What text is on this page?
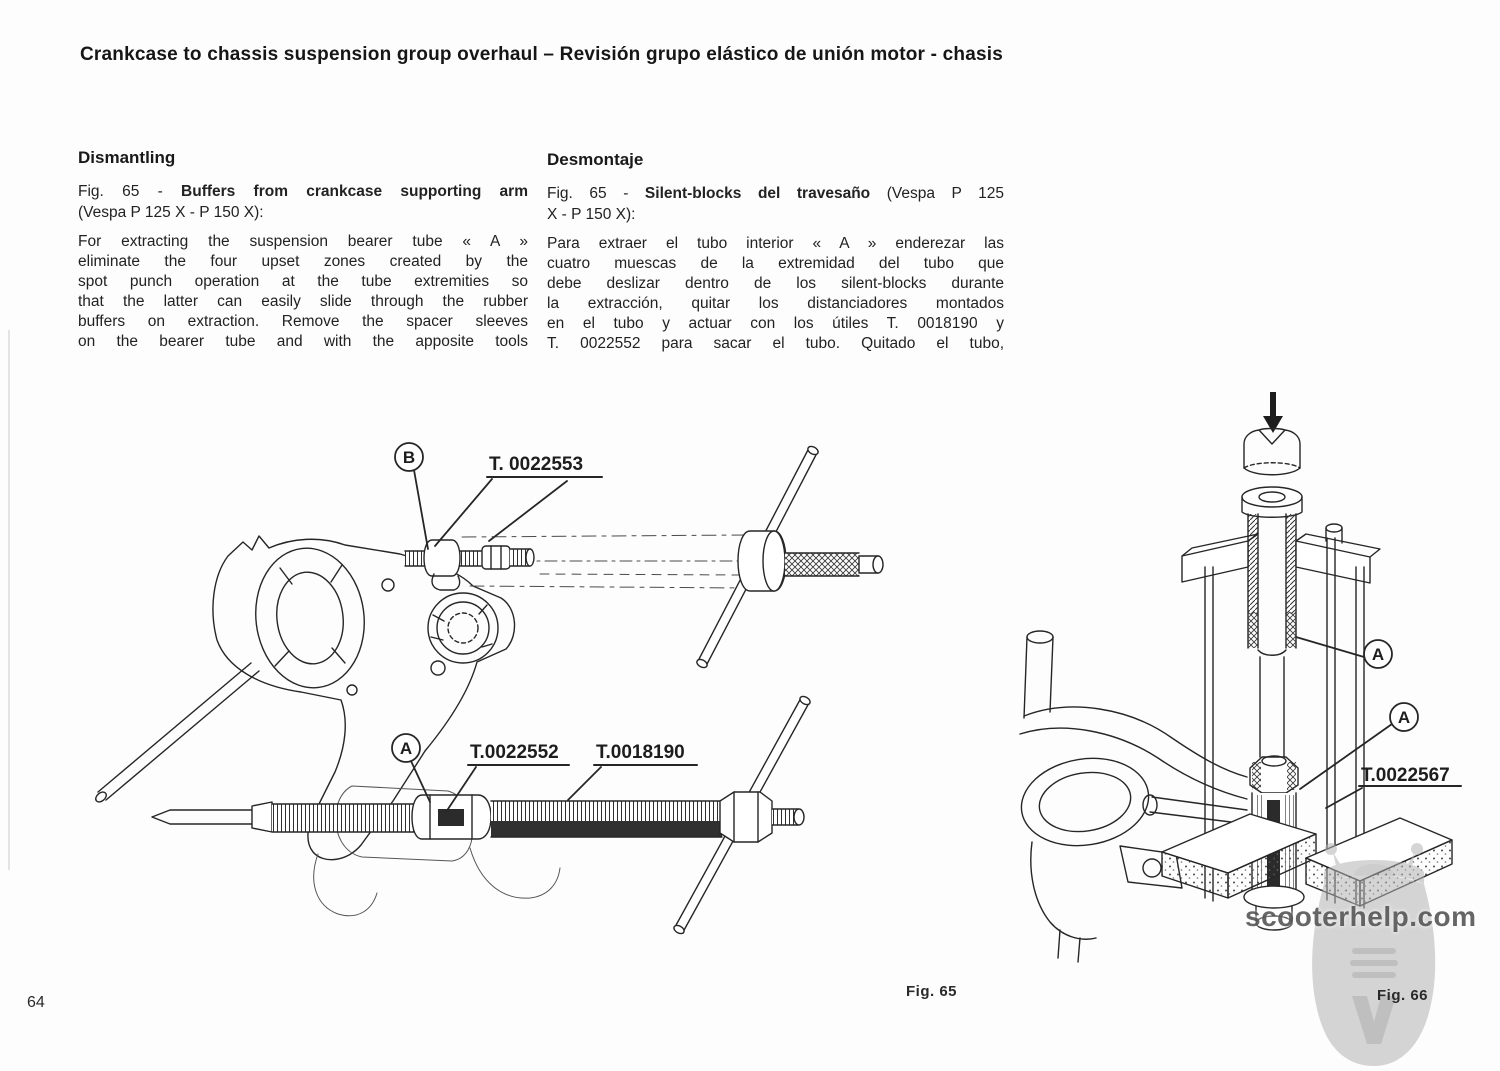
Crankcase to chassis suspension group overhaul – Revisión grupo elástico de unión motor - chasis
Dismantling
Fig. 65 - Buffers from crankcase supporting arm
(Vespa P 125 X - P 150 X):
For extracting the suspension bearer tube « A »
eliminate the four upset zones created by the
spot punch operation at the tube extremities so
that the latter can easily slide through the rubber
buffers on extraction. Remove the spacer sleeves
on the bearer tube and with the apposite tools
Desmontaje
Fig. 65 - Silent-blocks del travesaño (Vespa P 125
X - P 150 X):
Para extraer el tubo interior « A » enderezar las
cuatro muescas de la extremidad del tubo que
debe deslizar dentro de los silent-blocks durante
la extracción, quitar los distanciadores montados
en el tubo y actuar con los útiles T. 0018190 y
T. 0022552 para sacar el tubo. Quitado el tubo,
B
A
T. 0022553
T.0022552 T.0018190
A
A
T.0022567
Fig. 65	Fig. 66
64
scooterhelp.com
